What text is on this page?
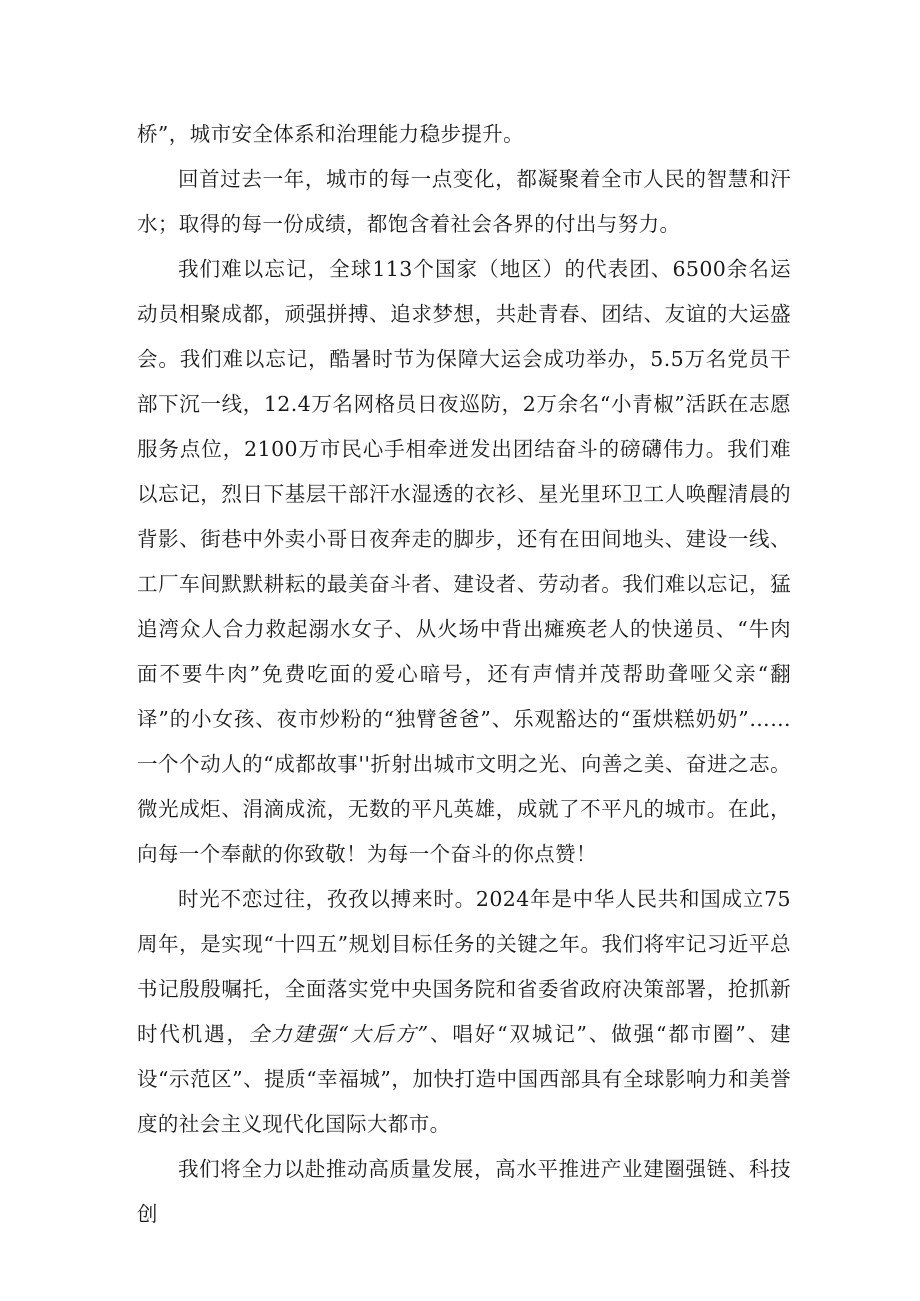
桥”，城市安全体系和治理能力稳步提升。

回首过去一年，城市的每一点变化，都凝聚着全市人民的智慧和汗水；取得的每一份成绩，都饱含着社会各界的付出与努力。

我们难以忘记，全球113个国家（地区）的代表团、6500余名运动员相聚成都，顽强拼搏、追求梦想，共赴青春、团结、友谊的大运盛会。我们难以忘记，酷暑时节为保障大运会成功举办，5.5万名党员干部下沉一线，12.4万名网格员日夜巡防，2万余名“小青椒”活跃在志愿服务点位，2100万市民心手相牵迸发出团结奋斗的磅礴伟力。我们难以忘记，烈日下基层干部汗水湿透的衣衫、星光里环卫工人唤醒清晨的背影、街巷中外卖小哥日夜奔走的脚步，还有在田间地头、建设一线、工厂车间默默耕耘的最美奋斗者、建设者、劳动者。我们难以忘记，猛追湾众人合力救起溺水女子、从火场中背出瘫痪老人的快递员、“牛肉面不要牛肉”免费吃面的爱心暗号，还有声情并茂帮助聋哑父亲“翻译”的小女孩、夜市炒粉的“独臂爸爸”、乐观豁达的“蛋烘糕奶奶”……一个个动人的“成都故事''折射出城市文明之光、向善之美、奋进之志。微光成炬、涓滴成流，无数的平凡英雄，成就了不平凡的城市。在此，向每一个奉献的你致敬！为每一个奋斗的你点赞！

时光不恋过往，孜孜以搏来时。2024年是中华人民共和国成立75周年，是实现“十四五”规划目标任务的关键之年。我们将牢记习近平总书记殷殷嘱托，全面落实党中央国务院和省委省政府决策部署，抢抓新时代机遇，全力建强“大后方”、唱好“双城记”、做强“都市圈”、建设“示范区”、提质“幸福城”，加快打造中国西部具有全球影响力和美誉度的社会主义现代化国际大都市。

我们将全力以赴推动高质量发展，高水平推进产业建圈强链、科技创
